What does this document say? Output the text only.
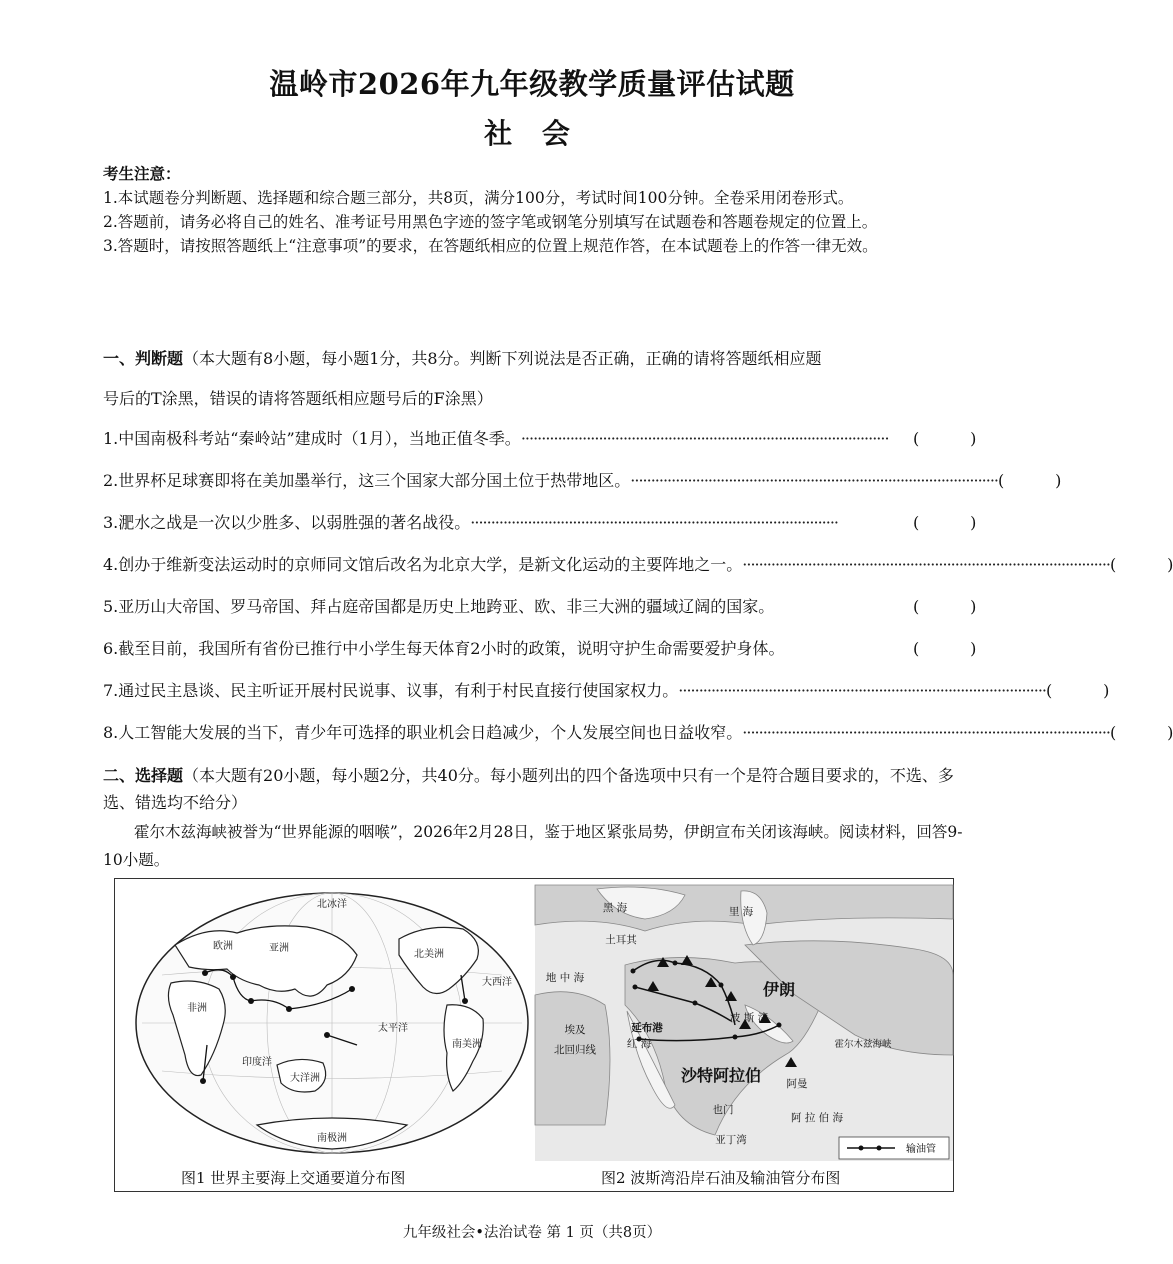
温岭市2026年九年级教学质量评估试题
社 会
考生注意：
1.本试题卷分判断题、选择题和综合题三部分，共8页，满分100分，考试时间100分钟。全卷采用闭卷形式。
2.答题前，请务必将自己的姓名、准考证号用黑色字迹的签字笔或钢笔分别填写在试题卷和答题卷规定的位置上。
3.答题时，请按照答题纸上“注意事项”的要求，在答题纸相应的位置上规范作答，在本试题卷上的作答一律无效。
一、判断题（本大题有8小题，每小题1分，共8分。判断下列说法是否正确，正确的请将答题纸相应题
号后的T涂黑，错误的请将答题纸相应题号后的F涂黑）
1.中国南极科考站“秦岭站”建成时（1月），当地正值冬季。 ··························································································	(          )
2.世界杯足球赛即将在美加墨举行，这三个国家大部分国土位于热带地区。 ·························································································· (          )
3.淝水之战是一次以少胜多、以弱胜强的著名战役。 ··························································································	(          )
4.创办于维新变法运动时的京师同文馆后改名为北京大学，是新文化运动的主要阵地之一。 ·························································································· (          )
5.亚历山大帝国、罗马帝国、拜占庭帝国都是历史上地跨亚、欧、非三大洲的疆域辽阔的国家。	(          )
6.截至目前，我国所有省份已推行中小学生每天体育2小时的政策，说明守护生命需要爱护身体。	(          )
7.通过民主恳谈、民主听证开展村民说事、议事，有利于村民直接行使国家权力。 ·························································································· (          )
8.人工智能大发展的当下，青少年可选择的职业机会日趋减少，个人发展空间也日益收窄。 ·························································································· (          )
二、选择题（本大题有20小题，每小题2分，共40分。每小题列出的四个备选项中只有一个是符合题目要求的，不选、多选、错选均不给分）
霍尔木兹海峡被誉为“世界能源的咽喉”，2026年2月28日，鉴于地区紧张局势，伊朗宣布关闭该海峡。阅读材料，回答9-10小题。
北冰洋
欧洲	亚洲
北美洲
大西洋
非洲
太平洋
印度洋
大洋洲
南美洲
南极洲
图1 世界主要海上交通要道分布图
黑 海	里 海
土耳其
地 中 海
伊朗
埃及
北回归线
延布港
红 海
波 斯 湾
霍尔木兹海峡
沙特阿拉伯 阿曼
也门
阿 拉 伯 海
亚丁湾
输油管
图2 波斯湾沿岸石油及输油管分布图
九年级社会•法治试卷 第 1 页（共8页）
